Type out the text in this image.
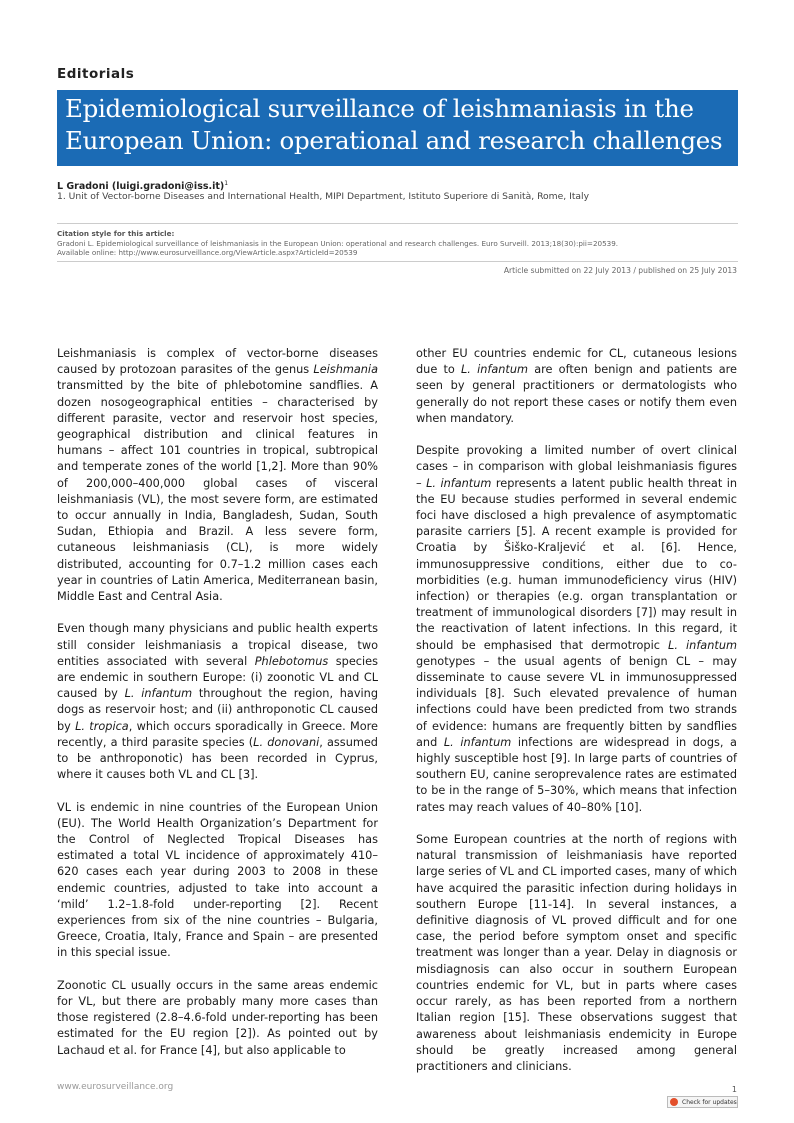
Editorials
Epidemiological surveillance of leishmaniasis in the
European Union: operational and research challenges
L Gradoni (luigi.gradoni@iss.it)$^1$
1. Unit of Vector-borne Diseases and International Health, MIPI Department, Istituto Superiore di Sanità, Rome, Italy
Citation style for this article:
Gradoni L. Epidemiological surveillance of leishmaniasis in the European Union: operational and research challenges. Euro Surveill. 2013;18(30):pii=20539.
Available online: http://www.eurosurveillance.org/ViewArticle.aspx?ArticleId=20539
Article submitted on 22 July 2013 / published on 25 July 2013

Leishmaniasis is complex of vector-borne diseases caused by protozoan parasites of the genus Leishmania transmitted by the bite of phlebotomine sandflies. A dozen nosogeographical entities – characterised by different parasite, vector and reservoir host species, geographical distribution and clinical features in humans – affect 101 countries in tropical, subtropical and temperate zones of the world [1,2]. More than 90% of 200,000–400,000 global cases of visceral leishmaniasis (VL), the most severe form, are estimated to occur annually in India, Bangladesh, Sudan, South Sudan, Ethiopia and Brazil. A less severe form, cutaneous leishmaniasis (CL), is more widely distributed, accounting for 0.7–1.2 million cases each year in countries of Latin America, Mediterranean basin, Middle East and Central Asia.

Even though many physicians and public health experts still consider leishmaniasis a tropical disease, two entities associated with several Phlebotomus species are endemic in southern Europe: (i) zoonotic VL and CL caused by L. infantum throughout the region, having dogs as reservoir host; and (ii) anthroponotic CL caused by L. tropica, which occurs sporadically in Greece. More recently, a third parasite species (L. donovani, assumed to be anthroponotic) has been recorded in Cyprus, where it causes both VL and CL [3].

VL is endemic in nine countries of the European Union (EU). The World Health Organization’s Department for the Control of Neglected Tropical Diseases has estimated a total VL incidence of approximately 410–620 cases each year during 2003 to 2008 in these endemic countries, adjusted to take into account a ‘mild’ 1.2–1.8-fold under-reporting [2]. Recent experiences from six of the nine countries – Bulgaria, Greece, Croatia, Italy, France and Spain – are presented in this special issue.

Zoonotic CL usually occurs in the same areas endemic for VL, but there are probably many more cases than those registered (2.8–4.6-fold under-reporting has been estimated for the EU region [2]). As pointed out by Lachaud et al. for France [4], but also applicable to

other EU countries endemic for CL, cutaneous lesions due to L. infantum are often benign and patients are seen by general practitioners or dermatologists who generally do not report these cases or notify them even when mandatory.

Despite provoking a limited number of overt clinical cases – in comparison with global leishmaniasis figures – L. infantum represents a latent public health threat in the EU because studies performed in several endemic foci have disclosed a high prevalence of asymptomatic parasite carriers [5]. A recent example is provided for Croatia by Šiško-Kraljević et al. [6]. Hence, immunosuppressive conditions, either due to co-morbidities (e.g. human immunodeficiency virus (HIV) infection) or therapies (e.g. organ transplantation or treatment of immunological disorders [7]) may result in the reactivation of latent infections. In this regard, it should be emphasised that dermotropic L. infantum genotypes – the usual agents of benign CL – may disseminate to cause severe VL in immunosuppressed individuals [8]. Such elevated prevalence of human infections could have been predicted from two strands of evidence: humans are frequently bitten by sandflies and L. infantum infections are widespread in dogs, a highly susceptible host [9]. In large parts of countries of southern EU, canine seroprevalence rates are estimated to be in the range of 5–30%, which means that infection rates may reach values of 40–80% [10].

Some European countries at the north of regions with natural transmission of leishmaniasis have reported large series of VL and CL imported cases, many of which have acquired the parasitic infection during holidays in southern Europe [11-14]. In several instances, a definitive diagnosis of VL proved difficult and for one case, the period before symptom onset and specific treatment was longer than a year. Delay in diagnosis or misdiagnosis can also occur in southern European countries endemic for VL, but in parts where cases occur rarely, as has been reported from a northern Italian region [15]. These observations suggest that awareness about leishmaniasis endemicity in Europe should be greatly increased among general practitioners and clinicians.

www.eurosurveillance.org	1
Check for updates
